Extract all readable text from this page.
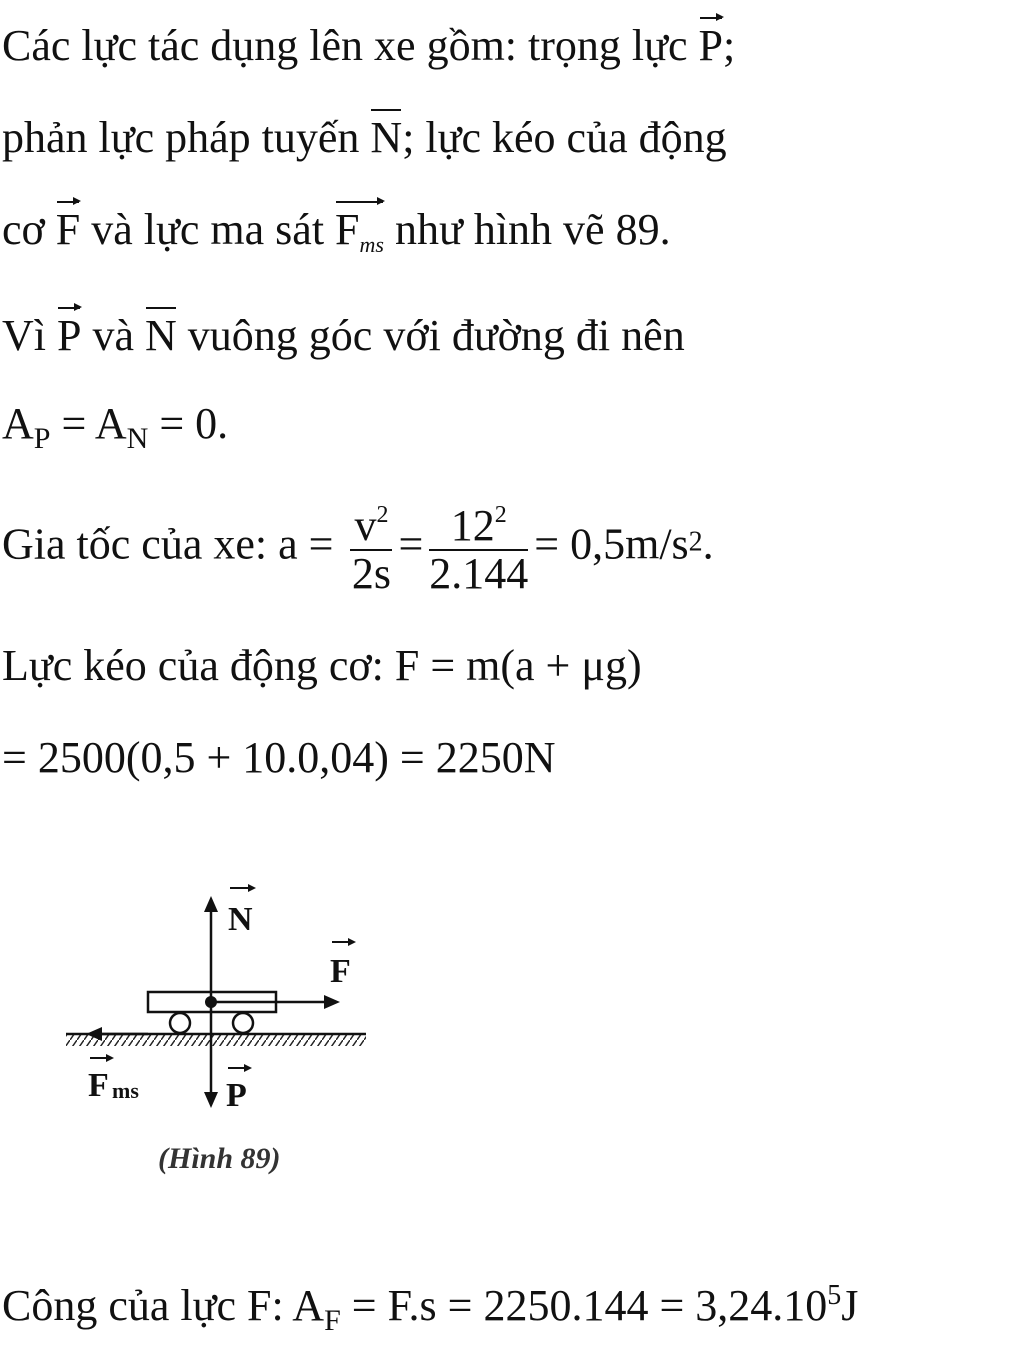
Các lực tác dụng lên xe gồm: trọng lực P;
phản lực pháp tuyến N; lực kéo của động
cơ F và lực ma sát Fms như hình vẽ 89.
Vì P và N vuông góc với đường đi nên
$A_P = A_N = 0$.
Gia tốc của xe: $a = \frac{v^2}{2s} = \frac{12^2}{2.144} = 0,5m/s2$.
Lực kéo của động cơ: F = m(a + μg)
= 2500(0,5 + 10.0,04) = 2250N
N
F
P
F ms
(Hình 89)
Công của lực F: $A_F = F.s = 2250.144 = 3,24.10^5J$
